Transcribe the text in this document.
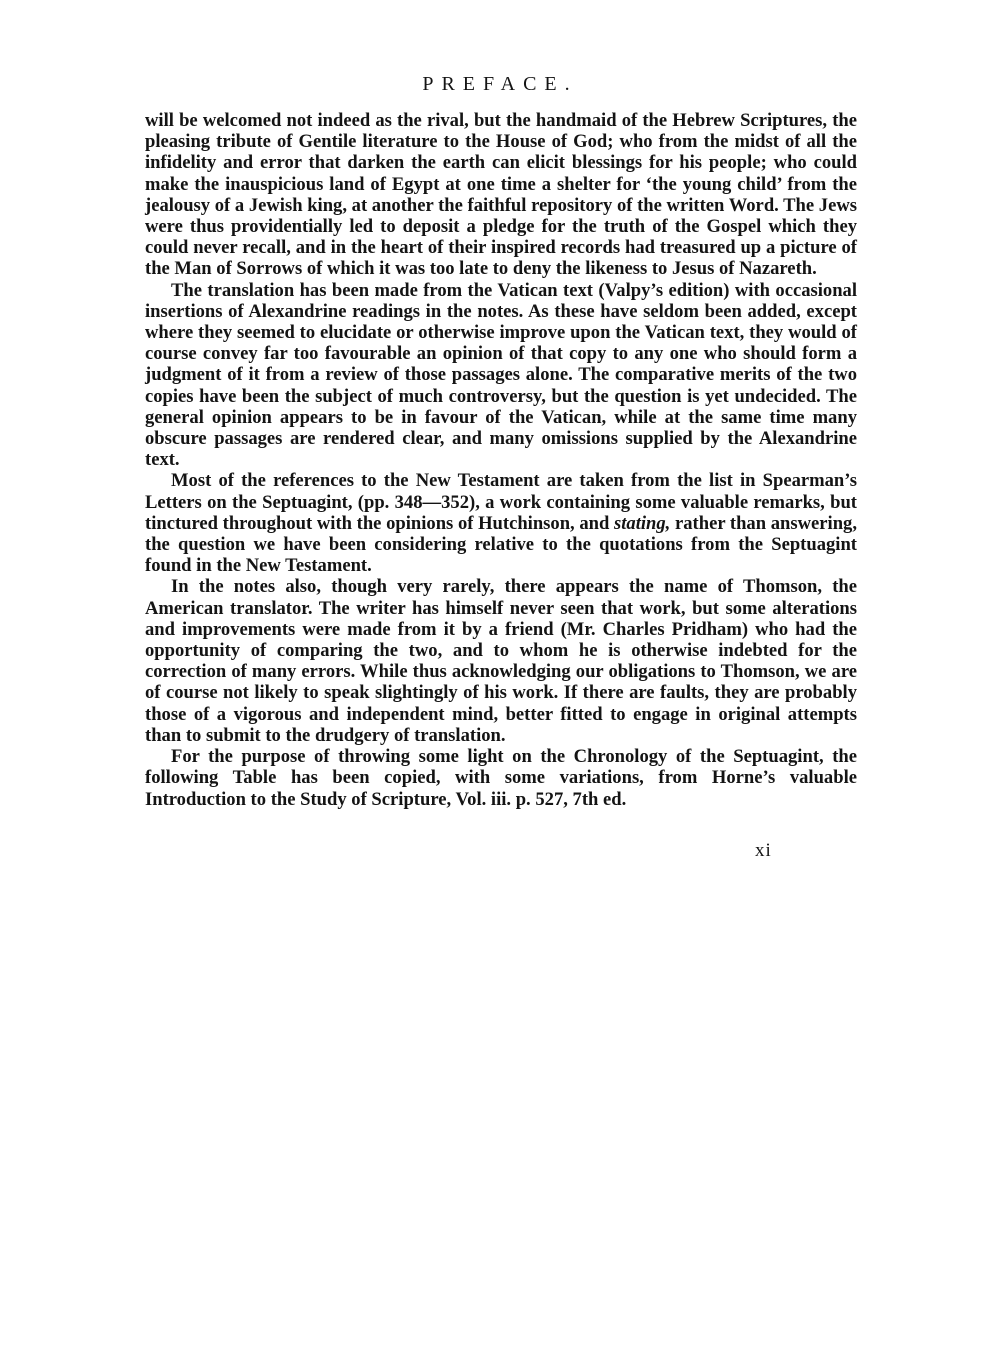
PREFACE.

will be welcomed not indeed as the rival, but the handmaid of the Hebrew Scriptures, the pleasing tribute of Gentile literature to the House of God; who from the midst of all the infidelity and error that darken the earth can elicit blessings for his people; who could make the inauspicious land of Egypt at one time a shelter for ‘the young child’ from the jealousy of a Jewish king, at another the faithful repository of the written Word. The Jews were thus providentially led to deposit a pledge for the truth of the Gospel which they could never recall, and in the heart of their inspired records had treasured up a picture of the Man of Sorrows of which it was too late to deny the likeness to Jesus of Nazareth.

The translation has been made from the Vatican text (Valpy’s edition) with occasional insertions of Alexandrine readings in the notes. As these have seldom been added, except where they seemed to elucidate or otherwise improve upon the Vatican text, they would of course convey far too favourable an opinion of that copy to any one who should form a judgment of it from a review of those passages alone. The comparative merits of the two copies have been the subject of much controversy, but the question is yet undecided. The general opinion appears to be in favour of the Vatican, while at the same time many obscure passages are rendered clear, and many omissions supplied by the Alexandrine text.

Most of the references to the New Testament are taken from the list in Spearman’s Letters on the Septuagint, (pp. 348—352), a work containing some valuable remarks, but tinctured throughout with the opinions of Hutchinson, and stating, rather than answering, the question we have been considering relative to the quotations from the Septuagint found in the New Testament.

In the notes also, though very rarely, there appears the name of Thomson, the American translator. The writer has himself never seen that work, but some alterations and improvements were made from it by a friend (Mr. Charles Pridham) who had the opportunity of comparing the two, and to whom he is otherwise indebted for the correction of many errors. While thus acknowledging our obligations to Thomson, we are of course not likely to speak slightingly of his work. If there are faults, they are probably those of a vigorous and independent mind, better fitted to engage in original attempts than to submit to the drudgery of translation.

For the purpose of throwing some light on the Chronology of the Septuagint, the following Table has been copied, with some variations, from Horne’s valuable Introduction to the Study of Scripture, Vol. iii. p. 527, 7th ed.

xi
